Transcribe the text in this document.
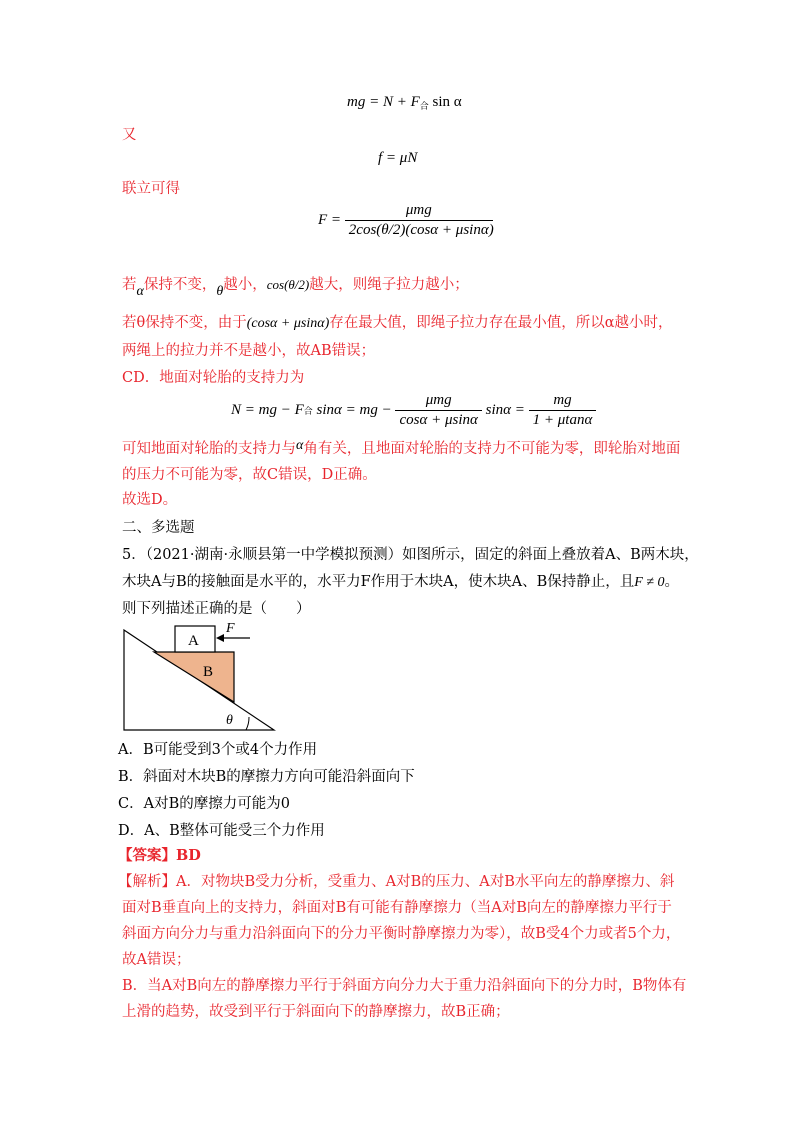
mg = $N + F_合$ sin α
又
f = μN
联立可得
$F = \frac{\text{μmg}}{2\cos(\theta/2)(\cos\alpha + \mu\sin\alpha)}$
若α保持不变，θ越小，cos(θ/2)越大，则绳子拉力越小；
若θ保持不变，由于(cosα + μsinα)存在最大值，即绳子拉力存在最小值，所以α越小时，
两绳上的拉力并不是越小，故AB错误；
CD．地面对轮胎的支持力为
N = mg − F合 sinα = mg − $\frac{\text{μmg}}{\cos\alpha + \mu\sin\alpha}$ $\sin\alpha = \frac{mg}{1 + \mu\tan\alpha}$
可知地面对轮胎的支持力与α角有关，且地面对轮胎的支持力不可能为零，即轮胎对地面
的压力不可能为零，故C错误，D正确。
故选D。
二、多选题
5．（2021·湖南·永顺县第一中学模拟预测）如图所示，固定的斜面上叠放着A、B两木块，
木块A与B的接触面是水平的，水平力F作用于木块A，使木块A、B保持静止，且F ≠ 0。
则下列描述正确的是（　　）
A
B
F
θ
A．B可能受到3个或4个力作用
B．斜面对木块B的摩擦力方向可能沿斜面向下
C．A对B的摩擦力可能为0
D．A、B整体可能受三个力作用
【答案】BD
【解析】A．对物块B受力分析，受重力、A对B的压力、A对B水平向左的静摩擦力、斜
面对B垂直向上的支持力，斜面对B有可能有静摩擦力（当A对B向左的静摩擦力平行于
斜面方向分力与重力沿斜面向下的分力平衡时静摩擦力为零），故B受4个力或者5个力，
故A错误；
B．当A对B向左的静摩擦力平行于斜面方向分力大于重力沿斜面向下的分力时，B物体有
上滑的趋势，故受到平行于斜面向下的静摩擦力，故B正确；
